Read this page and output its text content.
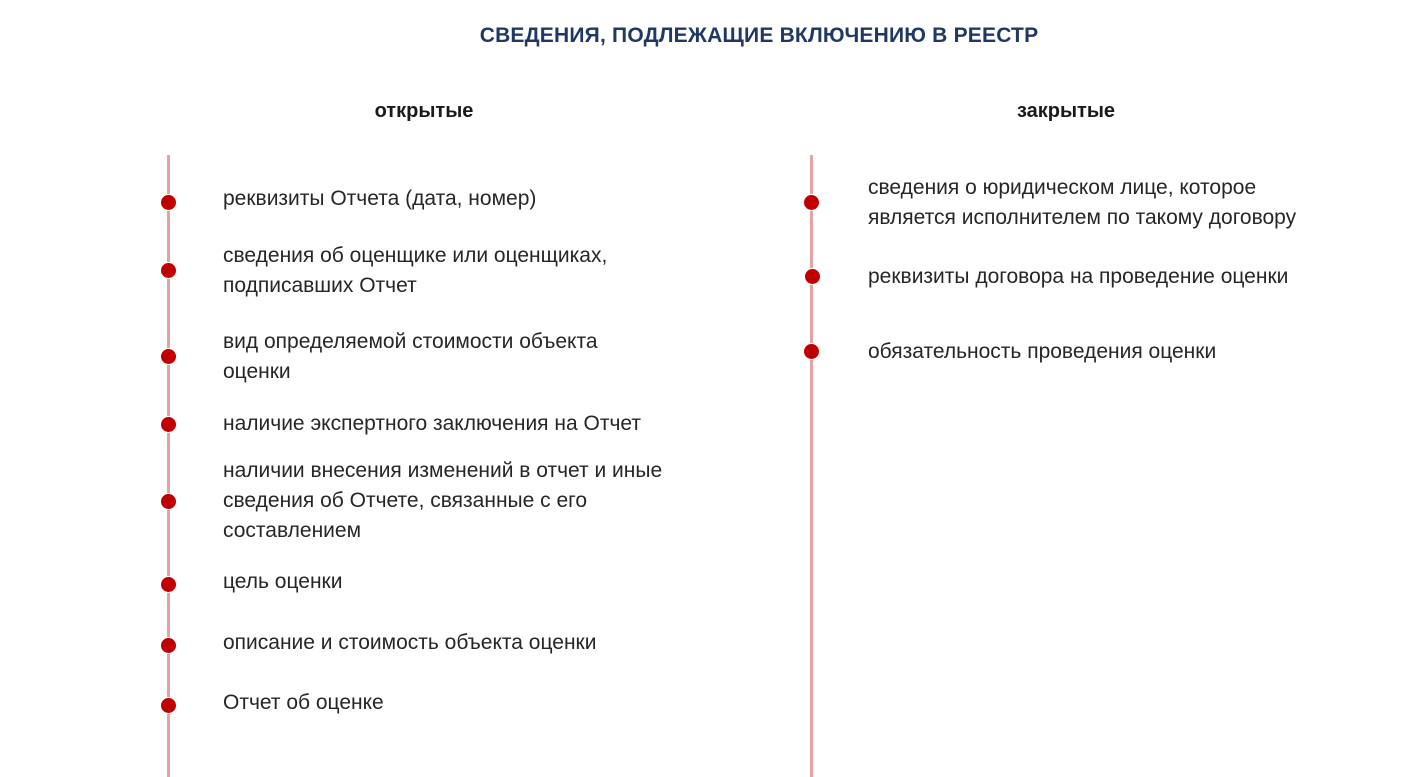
СВЕДЕНИЯ, ПОДЛЕЖАЩИЕ ВКЛЮЧЕНИЮ В РЕЕСТР
открытые	закрытые
реквизиты Отчета (дата, номер)
сведения об оценщике или оценщиках,
подписавших Отчет
вид определяемой стоимости объекта
оценки
наличие экспертного заключения на Отчет
наличии внесения изменений в отчет и иные
сведения об Отчете, связанные с его
составлением
цель оценки
описание и стоимость объекта оценки
Отчет об оценке
сведения о юридическом лице, которое
является исполнителем по такому договору
реквизиты договора на проведение оценки
обязательность проведения оценки
